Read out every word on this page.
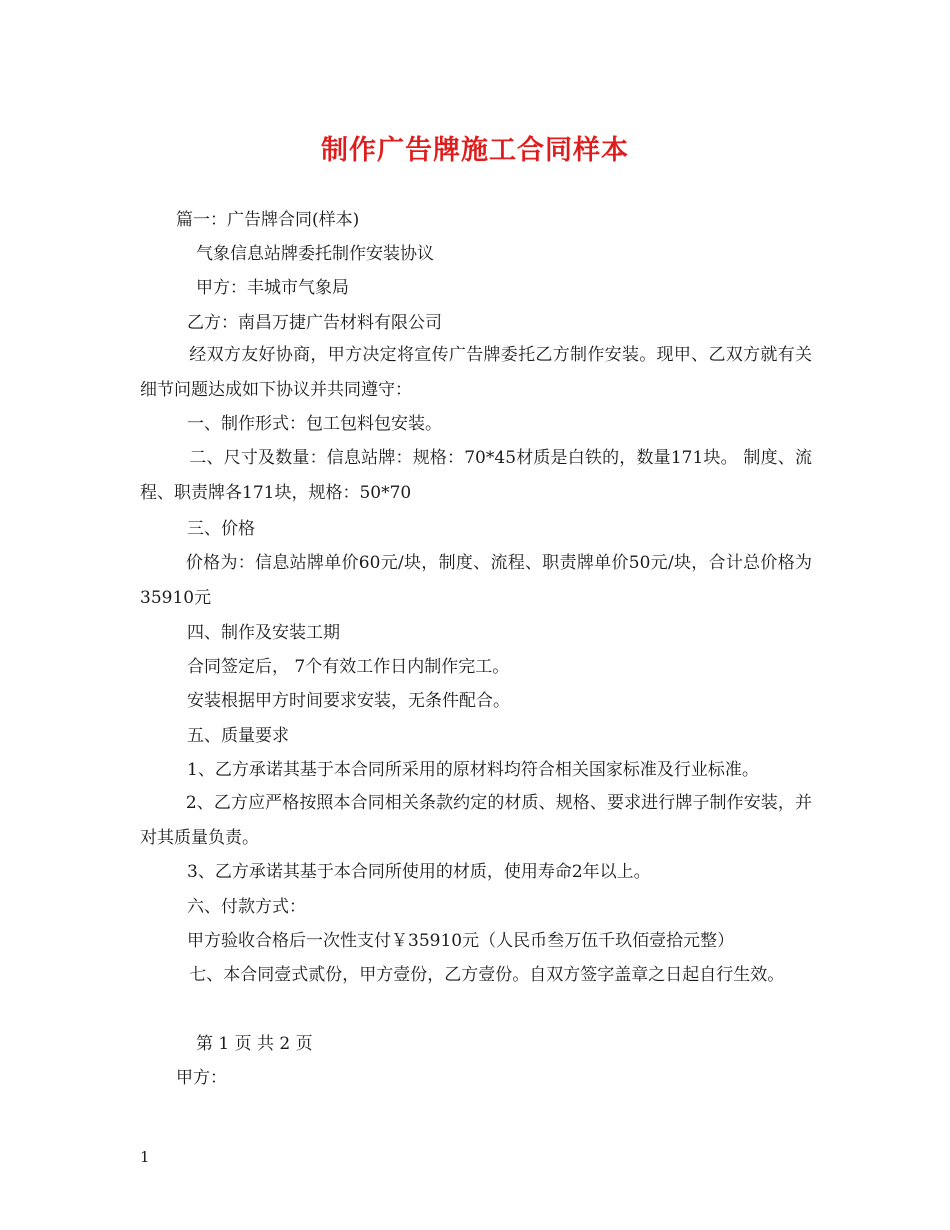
制作广告牌施工合同样本
篇一：广告牌合同(样本)
气象信息站牌委托制作安装协议
甲方：丰城市气象局
乙方：南昌万捷广告材料有限公司

经双方友好协商，甲方决定将宣传广告牌委托乙方制作安装。现甲、乙双方就有关细节问题达成如下协议并共同遵守：

一、制作形式：包工包料包安装。

二、尺寸及数量：信息站牌：规格：70*45材质是白铁的，数量171块。 制度、流程、职责牌各171块，规格：50*70

三、价格

价格为：信息站牌单价60元/块，制度、流程、职责牌单价50元/块，合计总价格为35910元

四、制作及安装工期
合同签定后， 7个有效工作日内制作完工。
安装根据甲方时间要求安装，无条件配合。
五、质量要求
1、乙方承诺其基于本合同所采用的原材料均符合相关国家标准及行业标准。

2、乙方应严格按照本合同相关条款约定的材质、规格、要求进行牌子制作安装，并对其质量负责。

3、乙方承诺其基于本合同所使用的材质，使用寿命2年以上。
六、付款方式：
甲方验收合格后一次性支付￥35910元（人民币叁万伍千玖佰壹拾元整）

七、本合同壹式贰份，甲方壹份，乙方壹份。自双方签字盖章之日起自行生效。

第 1 页 共 2 页
甲方：
1
